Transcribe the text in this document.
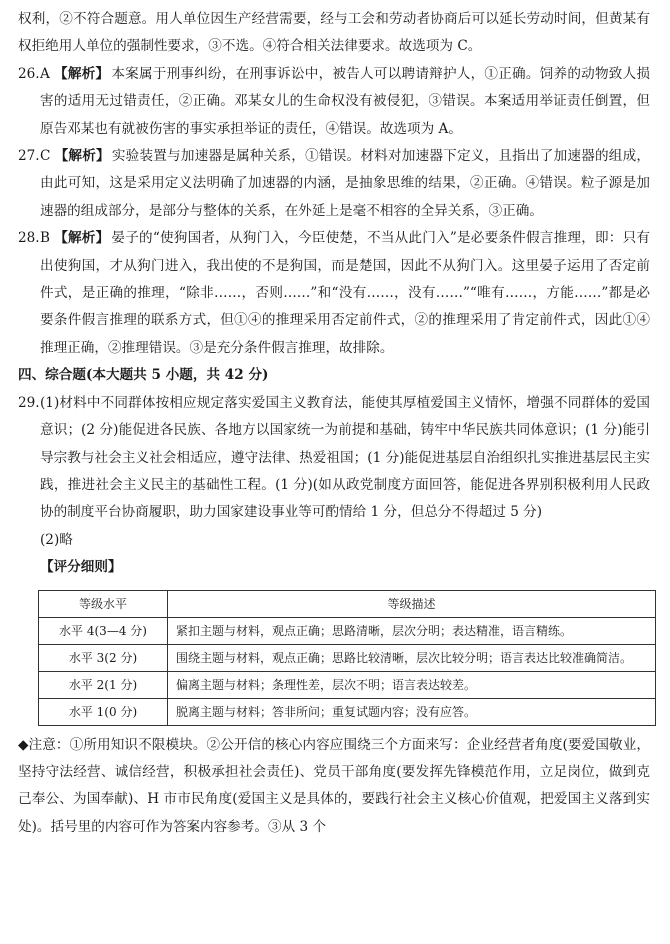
权利，②不符合题意。用人单位因生产经营需要，经与工会和劳动者协商后可以延长劳动时间，但黄某有权拒绝用人单位的强制性要求，③不选。④符合相关法律要求。故选项为 C。

26. A 【解析】 本案属于刑事纠纷，在刑事诉讼中，被告人可以聘请辩护人，①正确。饲养的动物致人损害的适用无过错责任，②正确。邓某女儿的生命权没有被侵犯，③错误。本案适用举证责任倒置，但原告邓某也有就被伤害的事实承担举证的责任，④错误。故选项为 A。
27. C 【解析】 实验装置与加速器是属种关系，①错误。材料对加速器下定义，且指出了加速器的组成，由此可知，这是采用定义法明确了加速器的内涵，是抽象思维的结果，②正确。④错误。粒子源是加速器的组成部分，是部分与整体的关系，在外延上是毫不相容的全异关系，③正确。
28. B 【解析】 晏子的“使狗国者，从狗门入，今臣使楚，不当从此门入”是必要条件假言推理，即：只有出使狗国，才从狗门进入，我出使的不是狗国，而是楚国，因此不从狗门入。这里晏子运用了否定前件式，是正确的推理，“除非……，否则……”和“没有……，没有……”“唯有……，方能……”都是必要条件假言推理的联系方式，但①④的推理采用否定前件式，②的推理采用了肯定前件式，因此①④推理正确，②推理错误。③是充分条件假言推理，故排除。

四、综合题(本大题共 5 小题，共 42 分)

29. (1)材料中不同群体按相应规定落实爱国主义教育法，能使其厚植爱国主义情怀，增强不同群体的爱国意识；(2 分)能促进各民族、各地方以国家统一为前提和基础，铸牢中华民族共同体意识；(1 分)能引导宗教与社会主义社会相适应，遵守法律、热爱祖国；(1 分)能促进基层自治组织扎实推进基层民主实践，推进社会主义民主的基础性工程。(1 分)(如从政党制度方面回答，能促进各界别积极利用人民政协的制度平台协商履职，助力国家建设事业等可酌情给 1 分，但总分不得超过 5 分)

(2)略

【评分细则】

等级水平	等级描述
水平 4(3—4 分)	紧扣主题与材料，观点正确；思路清晰，层次分明；表达精准，语言精练。
水平 3(2 分)	围绕主题与材料，观点正确；思路比较清晰，层次比较分明；语言表达比较准确简洁。
水平 2(1 分)	偏离主题与材料；条理性差，层次不明；语言表达较差。
水平 1(0 分)	脱离主题与材料；答非所问；重复试题内容；没有应答。

◆注意：①所用知识不限模块。②公开信的核心内容应围绕三个方面来写：企业经营者角度(要爱国敬业，坚持守法经营、诚信经营，积极承担社会责任)、党员干部角度(要发挥先锋模范作用，立足岗位，做到克己奉公、为国奉献)、H 市市民角度(爱国主义是具体的，要践行社会主义核心价值观，把爱国主义落到实处)。括号里的内容可作为答案内容参考。③从 3 个
